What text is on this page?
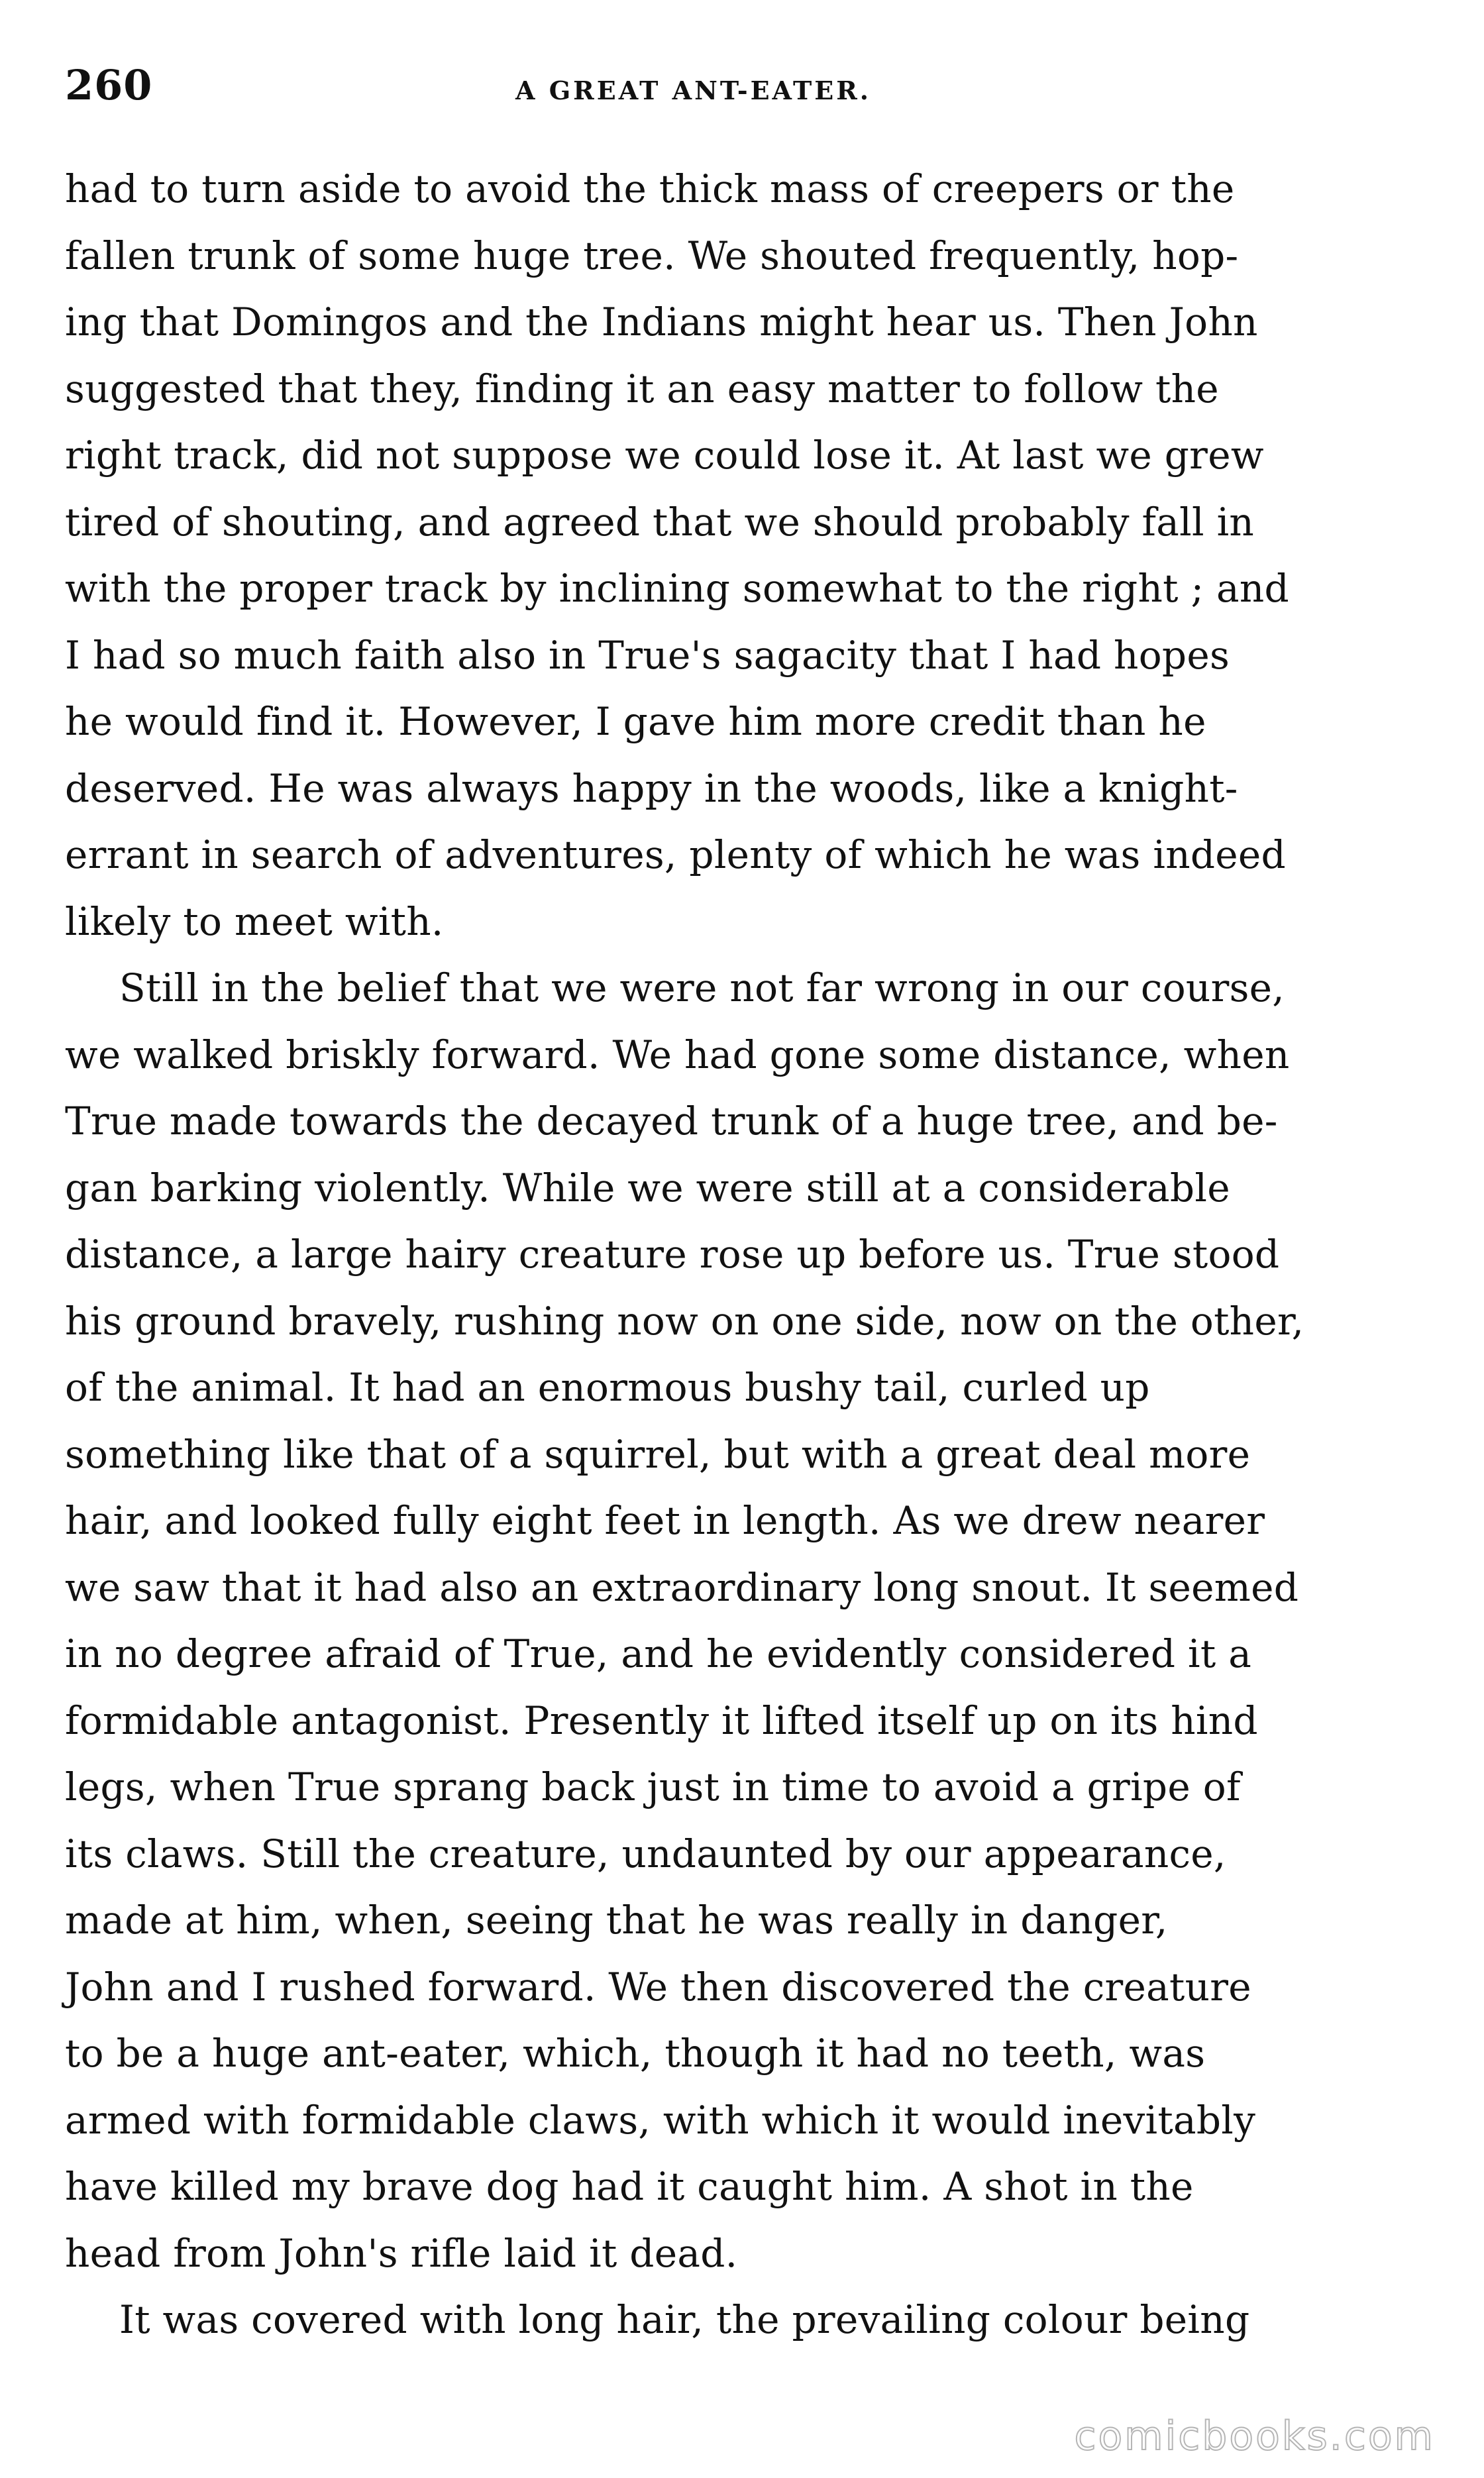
260	A GREAT ANT-EATER.

had to turn aside to avoid the thick mass of creepers or the
fallen trunk of some huge tree. We shouted frequently, hop-
ing that Domingos and the Indians might hear us. Then John
suggested that they, finding it an easy matter to follow the
right track, did not suppose we could lose it. At last we grew
tired of shouting, and agreed that we should probably fall in
with the proper track by inclining somewhat to the right ; and
I had so much faith also in True's sagacity that I had hopes
he would find it. However, I gave him more credit than he
deserved. He was always happy in the woods, like a knight-
errant in search of adventures, plenty of which he was indeed
likely to meet with.

Still in the belief that we were not far wrong in our course,
we walked briskly forward. We had gone some distance, when
True made towards the decayed trunk of a huge tree, and be-
gan barking violently. While we were still at a considerable
distance, a large hairy creature rose up before us. True stood
his ground bravely, rushing now on one side, now on the other,
of the animal. It had an enormous bushy tail, curled up
something like that of a squirrel, but with a great deal more
hair, and looked fully eight feet in length. As we drew nearer
we saw that it had also an extraordinary long snout. It seemed
in no degree afraid of True, and he evidently considered it a
formidable antagonist. Presently it lifted itself up on its hind
legs, when True sprang back just in time to avoid a gripe of
its claws. Still the creature, undaunted by our appearance,
made at him, when, seeing that he was really in danger,
John and I rushed forward. We then discovered the creature
to be a huge ant-eater, which, though it had no teeth, was
armed with formidable claws, with which it would inevitably
have killed my brave dog had it caught him. A shot in the
head from John's rifle laid it dead.

It was covered with long hair, the prevailing colour being

comicbooks.com
